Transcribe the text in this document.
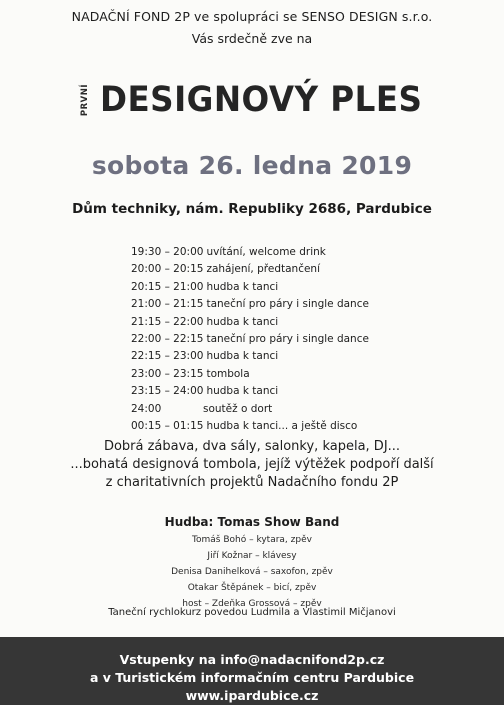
NADAČNÍ FOND 2P ve spolupráci se SENSO DESIGN s.r.o.
Vás srdečně zve na
PRVNÍ DESIGNOVÝ PLES
sobota 26. ledna 2019
Dům techniky, nám. Republiky 2686, Pardubice
19:30 – 20:00 uvítání, welcome drink
20:00 – 20:15 zahájení, předtančení
20:15 – 21:00 hudba k tanci
21:00 – 21:15 taneční pro páry i single dance
21:15 – 22:00 hudba k tanci
22:00 – 22:15 taneční pro páry i single dance
22:15 – 23:00 hudba k tanci
23:00 – 23:15 tombola
23:15 – 24:00 hudba k tanci
24:00	soutěž o dort
00:15 – 01:15 hudba k tanci... a ještě disco
Dobrá zábava, dva sály, salonky, kapela, DJ...
...bohatá designová tombola, jejíž výtěžek podpoří další
z charitativních projektů Nadačního fondu 2P
Hudba: Tomas Show Band
Tomáš Bohó – kytara, zpěv
Jiří Kožnar – klávesy
Denisa Danihelková – saxofon, zpěv
Otakar Štěpánek – bicí, zpěv
host – Zdeňka Grossová – zpěv
Taneční rychlokurz povedou Ludmila a Vlastimil Mičjanovi
Vstupenky na info@nadacnifond2p.cz
a v Turistickém informačním centru Pardubice
www.ipardubice.cz
